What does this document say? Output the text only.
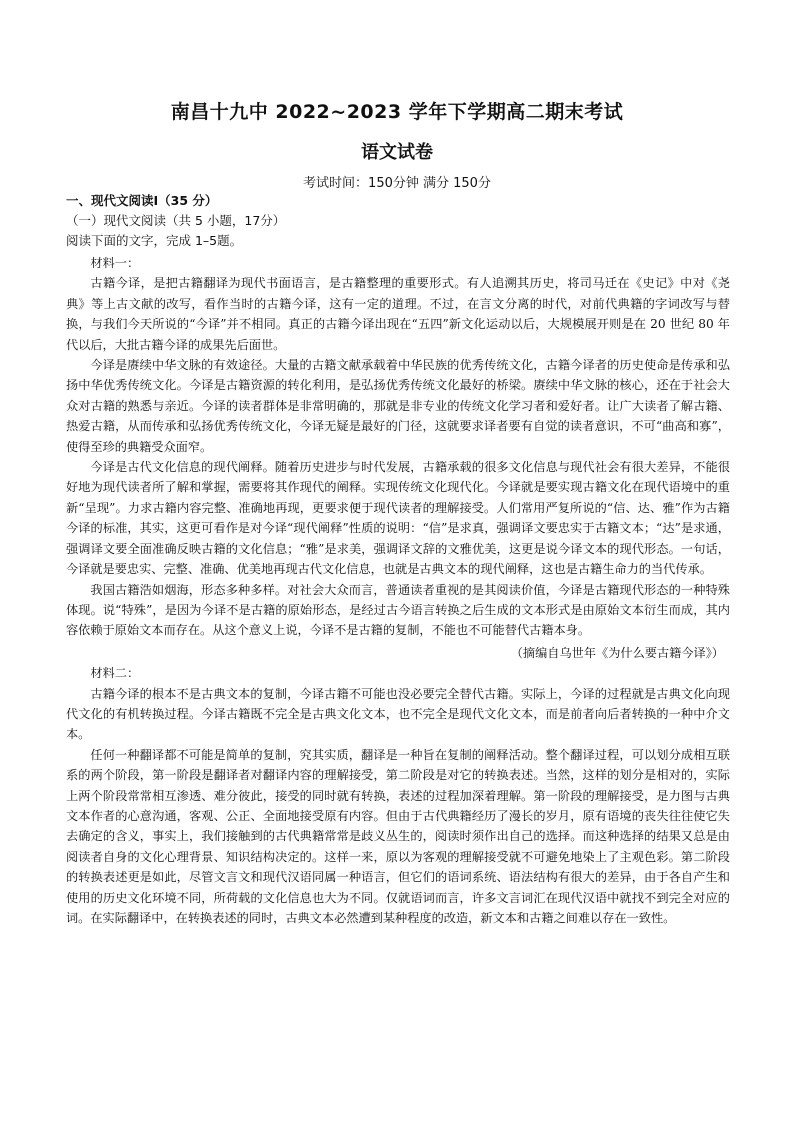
南昌十九中 2022~2023 学年下学期高二期末考试
语文试卷
考试时间：150分钟 满分 150分
一、现代文阅读Ⅰ（35 分）
（一）现代文阅读（共 5 小题，17分）
阅读下面的文字，完成 1–5题。
材料一：

古籍今译，是把古籍翻译为现代书面语言，是古籍整理的重要形式。有人追溯其历史，将司马迁在《史记》中对《尧典》等上古文献的改写，看作当时的古籍今译，这有一定的道理。不过，在言文分离的时代，对前代典籍的字词改写与替换，与我们今天所说的“今译”并不相同。真正的古籍今译出现在“五四”新文化运动以后，大规模展开则是在 20 世纪 80 年代以后，大批古籍今译的成果先后面世。

今译是赓续中华文脉的有效途径。大量的古籍文献承载着中华民族的优秀传统文化，古籍今译者的历史使命是传承和弘扬中华优秀传统文化。今译是古籍资源的转化利用，是弘扬优秀传统文化最好的桥梁。赓续中华文脉的核心，还在于社会大众对古籍的熟悉与亲近。今译的读者群体是非常明确的，那就是非专业的传统文化学习者和爱好者。让广大读者了解古籍、热爱古籍，从而传承和弘扬优秀传统文化，今译无疑是最好的门径，这就要求译者要有自觉的读者意识，不可“曲高和寡”，使得至珍的典籍受众面窄。

今译是古代文化信息的现代阐释。随着历史进步与时代发展，古籍承载的很多文化信息与现代社会有很大差异，不能很好地为现代读者所了解和掌握，需要将其作现代的阐释。实现传统文化现代化。今译就是要实现古籍文化在现代语境中的重新“呈现”。力求古籍内容完整、准确地再现，更要求便于现代读者的理解接受。人们常用严复所说的“信、达、雅”作为古籍今译的标准，其实，这更可看作是对今译“现代阐释”性质的说明：“信”是求真，强调译文要忠实于古籍文本；“达”是求通，强调译文要全面准确反映古籍的文化信息；“雅”是求美，强调译文辞的文雅优美，这更是说今译文本的现代形态。一句话，今译就是要忠实、完整、准确、优美地再现古代文化信息，也就是古典文本的现代阐释，这也是古籍生命力的当代传承。

我国古籍浩如烟海，形态多种多样。对社会大众而言，普通读者重视的是其阅读价值，今译是古籍现代形态的一种特殊体现。说“特殊”，是因为今译不是古籍的原始形态，是经过古今语言转换之后生成的文本形式是由原始文本衍生而成，其内容依赖于原始文本而存在。从这个意义上说，今译不是古籍的复制，不能也不可能替代古籍本身。

（摘编自乌世年《为什么要古籍今译》）
材料二：

古籍今译的根本不是古典文本的复制，今译古籍不可能也没必要完全替代古籍。实际上，今译的过程就是古典文化向现代文化的有机转换过程。今译古籍既不完全是古典文化文本，也不完全是现代文化文本，而是前者向后者转换的一种中介文本。

任何一种翻译都不可能是简单的复制，究其实质，翻译是一种旨在复制的阐释活动。整个翻译过程，可以划分成相互联系的两个阶段，第一阶段是翻译者对翻译内容的理解接受，第二阶段是对它的转换表述。当然，这样的划分是相对的，实际上两个阶段常常相互渗透、难分彼此，接受的同时就有转换，表述的过程加深着理解。第一阶段的理解接受，是力图与古典文本作者的心意沟通，客观、公正、全面地接受原有内容。但由于古代典籍经历了漫长的岁月，原有语境的丧失往往使它失去确定的含义，事实上，我们接触到的古代典籍常常是歧义丛生的，阅读时须作出自己的选择。而这种选择的结果又总是由阅读者自身的文化心理背景、知识结构决定的。这样一来，原以为客观的理解接受就不可避免地染上了主观色彩。第二阶段的转换表述更是如此，尽管文言文和现代汉语同属一种语言，但它们的语词系统、语法结构有很大的差异，由于各自产生和使用的历史文化环境不同，所荷载的文化信息也大为不同。仅就语词而言，许多文言词汇在现代汉语中就找不到完全对应的词。在实际翻译中，在转换表述的同时，古典文本必然遭到某种程度的改造，新文本和古籍之间难以存在一致性。
